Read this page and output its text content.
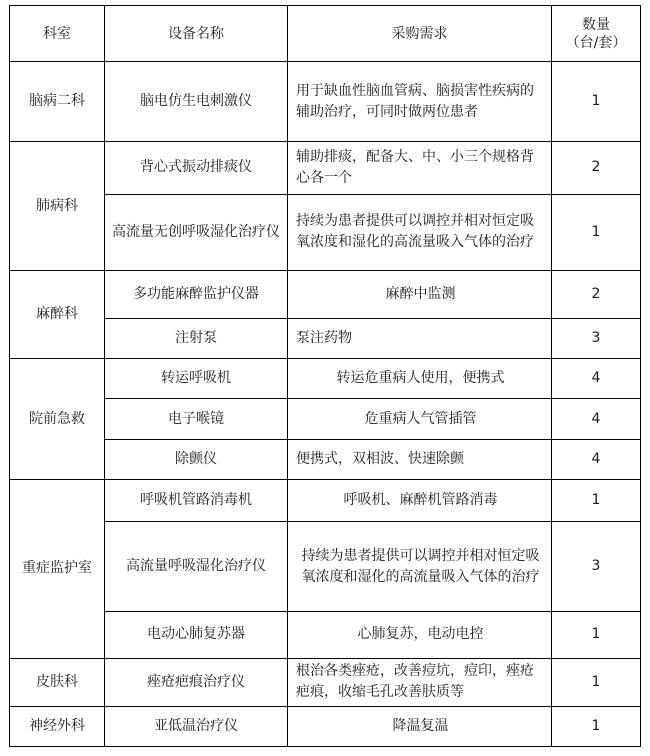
科室	设备名称	采购需求	数量
（台/套）
脑病二科	脑电仿生电刺激仪	用于缺血性脑血管病、脑损害性疾病的辅助治疗，可同时做两位患者	1
肺病科	背心式振动排痰仪	辅助排痰，配备大、中、小三个规格背心各一个	2
	高流量无创呼吸湿化治疗仪	持续为患者提供可以调控并相对恒定吸氧浓度和湿化的高流量吸入气体的治疗	1
麻醉科	多功能麻醉监护仪器	麻醉中监测	2
	注射泵	泵注药物	3
院前急救	转运呼吸机	转运危重病人使用，便携式	4
	电子喉镜	危重病人气管插管	4
	除颤仪	便携式，双相波、快速除颤	4
重症监护室	呼吸机管路消毒机	呼吸机、麻醉机管路消毒	1
	高流量呼吸湿化治疗仪	持续为患者提供可以调控并相对恒定吸氧浓度和湿化的高流量吸入气体的治疗	3
	电动心肺复苏器	心肺复苏，电动电控	1
皮肤科	痤疮疤痕治疗仪	根治各类痤疮，改善痘坑，痘印，痤疮疤痕，收缩毛孔改善肤质等	1
神经外科	亚低温治疗仪	降温复温	1
